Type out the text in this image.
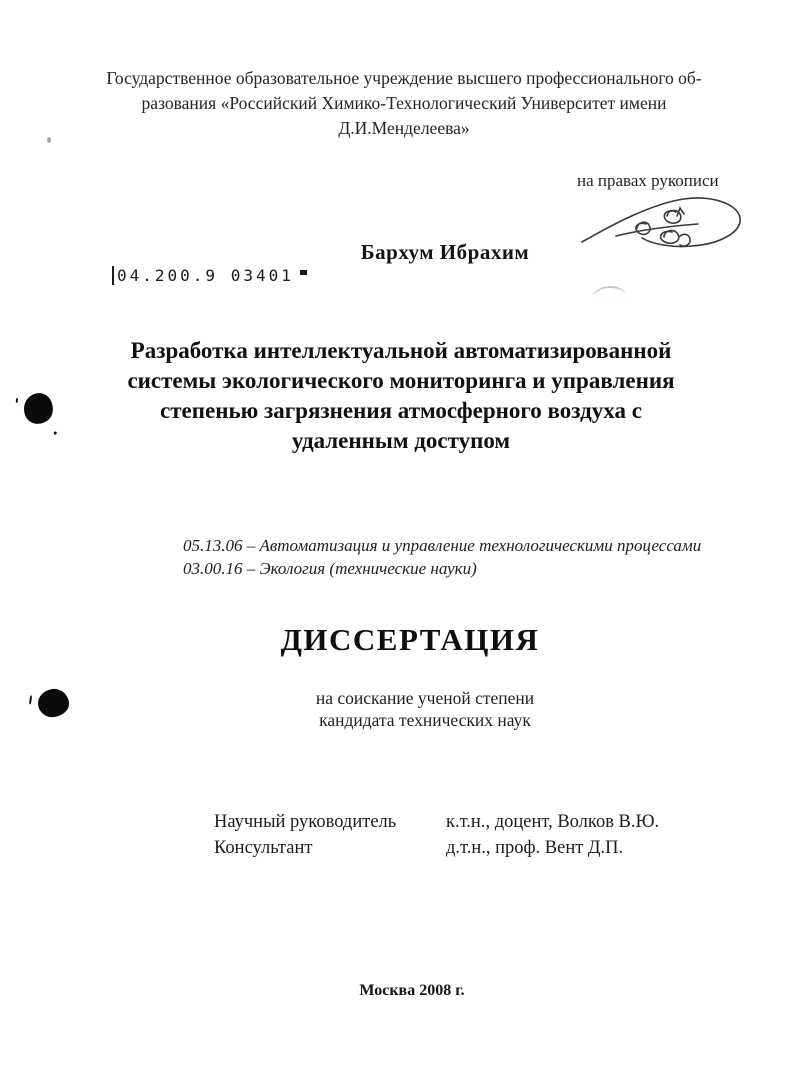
Государственное образовательное учреждение высшего профессионального об-
разования «Российский Химико-Технологический Университет имени
Д.И.Менделеева»
на правах рукописи
Бархум Ибрахим
04.200.9 03401
Разработка интеллектуальной автоматизированной
системы экологического мониторинга и управления
степенью загрязнения атмосферного воздуха с
удаленным доступом
05.13.06 – Автоматизация и управление технологическими процессами
03.00.16 – Экология (технические науки)
ДИССЕРТАЦИЯ
на соискание ученой степени
кандидата технических наук
Научный руководитель	к.т.н., доцент, Волков В.Ю.
Консультант	д.т.н., проф. Вент Д.П.
Москва 2008 г.
